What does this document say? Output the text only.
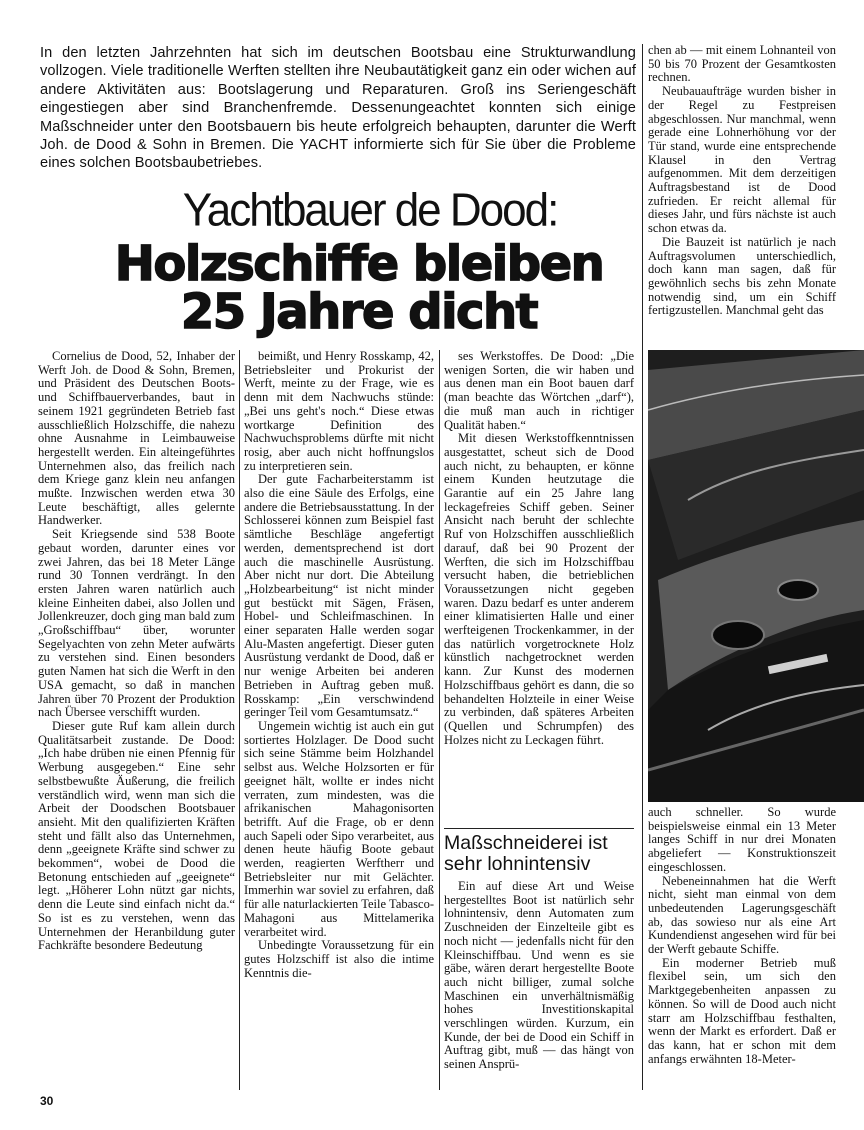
In den letzten Jahrzehnten hat sich im deutschen Bootsbau eine Strukturwandlung vollzogen. Viele traditionelle Werften stellten ihre Neubautätigkeit ganz ein oder wichen auf andere Aktivitäten aus: Bootslagerung und Reparaturen. Groß ins Seriengeschäft eingestiegen aber sind Branchenfremde. Dessenungeachtet konnten sich einige Maßschneider unter den Bootsbauern bis heute erfolgreich behaupten, darunter die Werft Joh. de Dood & Sohn in Bremen. Die YACHT informierte sich für Sie über die Probleme eines solchen Bootsbaubetriebes.
Yachtbauer de Dood:
Holzschiffe bleiben
25 Jahre dicht

Cornelius de Dood, 52, Inhaber der Werft Joh. de Dood & Sohn, Bremen, und Präsident des Deutschen Boots- und Schiffbauerverbandes, baut in seinem 1921 gegründeten Betrieb fast ausschließlich Holzschiffe, die nahezu ohne Ausnahme in Leimbauweise hergestellt werden. Ein alteingeführtes Unternehmen also, das freilich nach dem Kriege ganz klein neu anfangen mußte. Inzwischen werden etwa 30 Leute beschäftigt, alles gelernte Handwerker.

Seit Kriegsende sind 538 Boote gebaut worden, darunter eines vor zwei Jahren, das bei 18 Meter Länge rund 30 Tonnen verdrängt. In den ersten Jahren waren natürlich auch kleine Einheiten dabei, also Jollen und Jollenkreuzer, doch ging man bald zum „Großschiffbau“ über, worunter Segelyachten von zehn Meter aufwärts zu verstehen sind. Einen besonders guten Namen hat sich die Werft in den USA gemacht, so daß in manchen Jahren über 70 Prozent der Produktion nach Übersee verschifft wurden.

Dieser gute Ruf kam allein durch Qualitätsarbeit zustande. De Dood: „Ich habe drüben nie einen Pfennig für Werbung ausgegeben.“ Eine sehr selbstbewußte Äußerung, die freilich verständlich wird, wenn man sich die Arbeit der Doodschen Bootsbauer ansieht. Mit den qualifizierten Kräften steht und fällt also das Unternehmen, denn „geeignete Kräfte sind schwer zu bekommen“, wobei de Dood die Betonung entschieden auf „geeignete“ legt. „Höherer Lohn nützt gar nichts, denn die Leute sind einfach nicht da.“ So ist es zu verstehen, wenn das Unternehmen der Heranbildung guter Fachkräfte besondere Bedeutung

beimißt, und Henry Rosskamp, 42, Betriebsleiter und Prokurist der Werft, meinte zu der Frage, wie es denn mit dem Nachwuchs stünde: „Bei uns geht's noch.“ Diese etwas wortkarge Definition des Nachwuchsproblems dürfte mit nicht rosig, aber auch nicht hoffnungslos zu interpretieren sein.

Der gute Facharbeiterstamm ist also die eine Säule des Erfolgs, eine andere die Betriebsausstattung. In der Schlosserei können zum Beispiel fast sämtliche Beschläge angefertigt werden, dementsprechend ist dort auch die maschinelle Ausrüstung. Aber nicht nur dort. Die Abteilung „Holzbearbeitung“ ist nicht minder gut bestückt mit Sägen, Fräsen, Hobel- und Schleifmaschinen. In einer separaten Halle werden sogar Alu-Masten angefertigt. Dieser guten Ausrüstung verdankt de Dood, daß er nur wenige Arbeiten bei anderen Betrieben in Auftrag geben muß. Rosskamp: „Ein verschwindend geringer Teil vom Gesamtumsatz.“

Ungemein wichtig ist auch ein gut sortiertes Holzlager. De Dood sucht sich seine Stämme beim Holzhandel selbst aus. Welche Holzsorten er für geeignet hält, wollte er indes nicht verraten, zum mindesten, was die afrikanischen Mahagonisorten betrifft. Auf die Frage, ob er denn auch Sapeli oder Sipo verarbeitet, aus denen heute häufig Boote gebaut werden, reagierten Werftherr und Betriebsleiter nur mit Gelächter. Immerhin war soviel zu erfahren, daß für alle naturlackierten Teile Tabasco-Mahagoni aus Mittelamerika verarbeitet wird.

Unbedingte Voraussetzung für ein gutes Holzschiff ist also die intime Kenntnis die-

ses Werkstoffes. De Dood: „Die wenigen Sorten, die wir haben und aus denen man ein Boot bauen darf (man beachte das Wörtchen „darf“), die muß man auch in richtiger Qualität haben.“

Mit diesen Werkstoffkenntnissen ausgestattet, scheut sich de Dood auch nicht, zu behaupten, er könne einem Kunden heutzutage die Garantie auf ein 25 Jahre lang leckagefreies Schiff geben. Seiner Ansicht nach beruht der schlechte Ruf von Holzschiffen ausschließlich darauf, daß bei 90 Prozent der Werften, die sich im Holzschiffbau versucht haben, die betrieblichen Voraussetzungen nicht gegeben waren. Dazu bedarf es unter anderem einer klimatisierten Halle und einer werfteigenen Trockenkammer, in der das natürlich vorgetrocknete Holz künstlich nachgetrocknet werden kann. Zur Kunst des modernen Holzschiffbaus gehört es dann, die so behandelten Holzteile in einer Weise zu verbinden, daß späteres Arbeiten (Quellen und Schrumpfen) des Holzes nicht zu Leckagen führt.

Maßschneiderei ist sehr lohnintensiv

Ein auf diese Art und Weise hergestelltes Boot ist natürlich sehr lohnintensiv, denn Automaten zum Zuschneiden der Einzelteile gibt es noch nicht — jedenfalls nicht für den Kleinschiffbau. Und wenn es sie gäbe, wären derart hergestellte Boote auch nicht billiger, zumal solche Maschinen ein unverhältnismäßig hohes Investitionskapital verschlingen würden. Kurzum, ein Kunde, der bei de Dood ein Schiff in Auftrag gibt, muß — das hängt von seinen Ansprü-

chen ab — mit einem Lohnanteil von 50 bis 70 Prozent der Gesamtkosten rechnen.

Neubauaufträge wurden bisher in der Regel zu Festpreisen abgeschlossen. Nur manchmal, wenn gerade eine Lohnerhöhung vor der Tür stand, wurde eine entsprechende Klausel in den Vertrag aufgenommen. Mit dem derzeitigen Auftragsbestand ist de Dood zufrieden. Er reicht allemal für dieses Jahr, und fürs nächste ist auch schon etwas da.

Die Bauzeit ist natürlich je nach Auftragsvolumen unterschiedlich, doch kann man sagen, daß für gewöhnlich sechs bis zehn Monate notwendig sind, um ein Schiff fertigzustellen. Manchmal geht das

auch schneller. So wurde beispielsweise einmal ein 13 Meter langes Schiff in nur drei Monaten abgeliefert — Konstruktionszeit eingeschlossen.

Nebeneinnahmen hat die Werft nicht, sieht man einmal von dem unbedeutenden Lagerungsgeschäft ab, das sowieso nur als eine Art Kundendienst angesehen wird für bei der Werft gebaute Schiffe.

Ein moderner Betrieb muß flexibel sein, um sich den Marktgegebenheiten anpassen zu können. So will de Dood auch nicht starr am Holzschiffbau festhalten, wenn der Markt es erfordert. Daß er das kann, hat er schon mit dem anfangs erwähnten 18-Meter-

30
